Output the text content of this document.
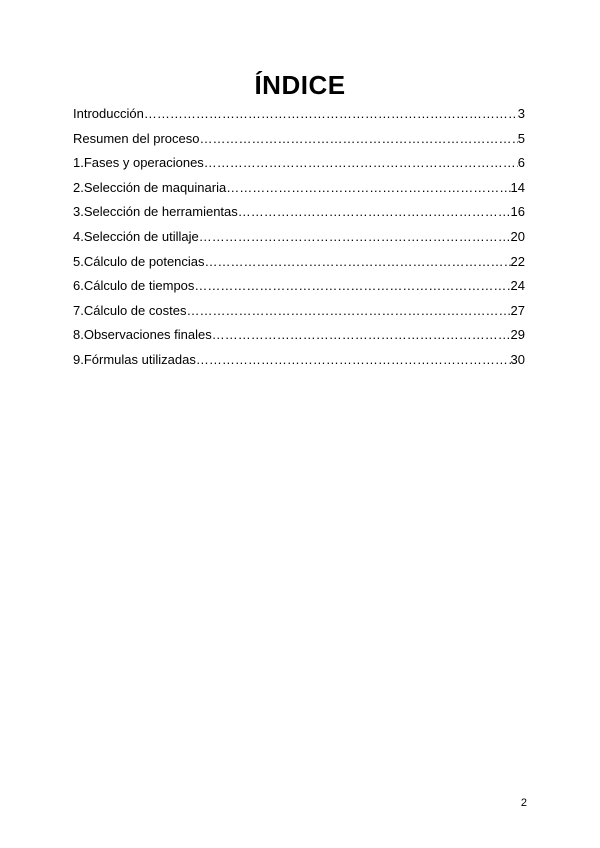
ÍNDICE
Introducción ………………………………………………………………………………………………………………………………………………	3
Resumen del proceso ………………………………………………………………………………………………………………………………………………	5
1.Fases y operaciones ………………………………………………………………………………………………………………………………………………	6
2.Selección de maquinaria ………………………………………………………………………………………………………………………………………………	14
3.Selección de herramientas ………………………………………………………………………………………………………………………………………………	16
4.Selección de utillaje ………………………………………………………………………………………………………………………………………………	20
5.Cálculo de potencias ………………………………………………………………………………………………………………………………………………	22
6.Cálculo de tiempos ………………………………………………………………………………………………………………………………………………	24
7.Cálculo de costes ………………………………………………………………………………………………………………………………………………	27
8.Observaciones finales ………………………………………………………………………………………………………………………………………………	29
9.Fórmulas utilizadas ………………………………………………………………………………………………………………………………………………	30
2
